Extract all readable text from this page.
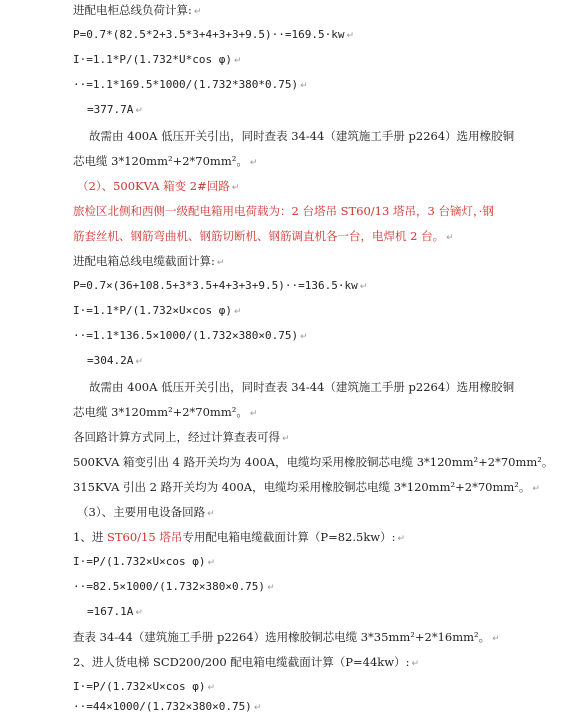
进配电柜总线负荷计算: ↵
P=0.7*(82.5*2+3.5*3+4+3+3+9.5)··=169.5·kw ↵
I·=1.1*P/(1.732*U*cos φ) ↵
··=1.1*169.5*1000/(1.732*380*0.75) ↵
=377.7A ↵
故需由 400A 低压开关引出，同时查表 34-44（建筑施工手册 p2264）选用橡胶铜
芯电缆 3*120mm²+2*70mm²。 ↵
（2）、500KVA 箱变 2#回路 ↵
旅检区北侧和西侧一级配电箱用电荷载为：2 台塔吊 ST60/13 塔吊，3 台镝灯，·钢
筋套丝机、钢筋弯曲机、钢筋切断机、钢筋调直机各一台，电焊机 2 台。 ↵
进配电箱总线电缆截面计算: ↵
P=0.7×(36+108.5+3*3.5+4+3+3+9.5)··=136.5·kw ↵
I·=1.1*P/(1.732×U×cos φ) ↵
··=1.1*136.5×1000/(1.732×380×0.75) ↵
=304.2A ↵
故需由 400A 低压开关引出，同时查表 34-44（建筑施工手册 p2264）选用橡胶铜
芯电缆 3*120mm²+2*70mm²。 ↵
各回路计算方式同上，经过计算查表可得 ↵
500KVA 箱变引出 4 路开关均为 400A，电缆均采用橡胶铜芯电缆 3*120mm²+2*70mm²。
315KVA 引出 2 路开关均为 400A，电缆均采用橡胶铜芯电缆 3*120mm²+2*70mm²。 ↵
（3）、主要用电设备回路 ↵
1、进 ST60/15 塔吊专用配电箱电缆截面计算（P=82.5kw）: ↵
I·=P/(1.732×U×cos φ) ↵
··=82.5×1000/(1.732×380×0.75) ↵
=167.1A ↵
查表 34-44（建筑施工手册 p2264）选用橡胶铜芯电缆 3*35mm²+2*16mm²。 ↵
2、进人货电梯 SCD200/200 配电箱电缆截面计算（P=44kw）: ↵
I·=P/(1.732×U×cos φ) ↵
··=44×1000/(1.732×380×0.75) ↵
